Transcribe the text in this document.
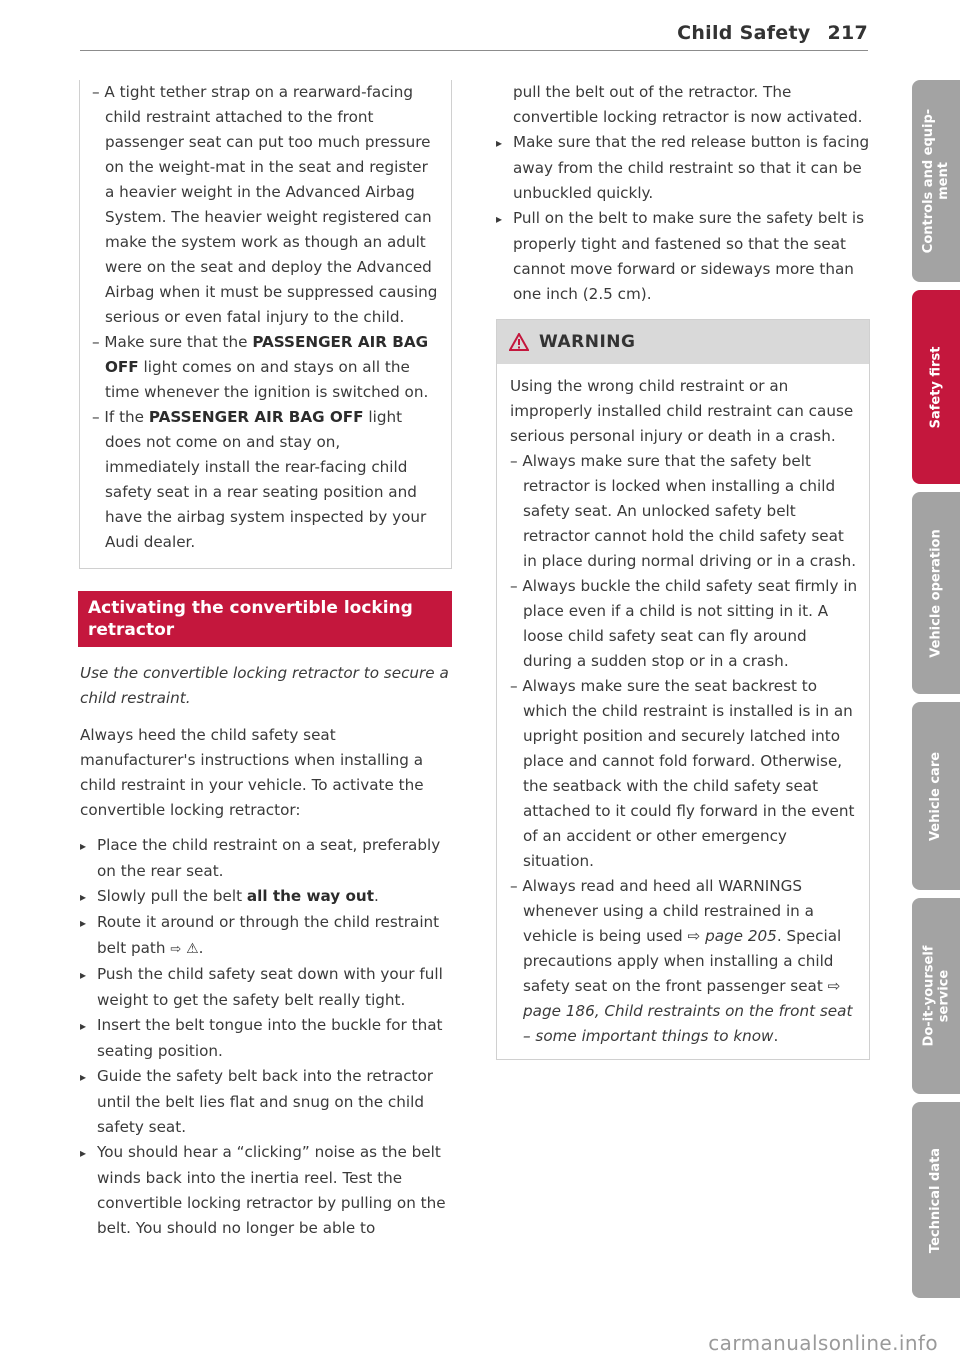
Child Safety 217
– A tight tether strap on a rearward-facing child restraint attached to the front passenger seat can put too much pressure on the weight-mat in the seat and register a heavier weight in the Advanced Airbag System. The heavier weight registered can make the system work as though an adult were on the seat and deploy the Advanced Airbag when it must be suppressed causing serious or even fatal injury to the child.
– Make sure that the PASSENGER AIR BAG OFF light comes on and stays on all the time whenever the ignition is switched on.
– If the PASSENGER AIR BAG OFF light does not come on and stay on, immediately install the rear-facing child safety seat in a rear seating position and have the airbag system inspected by your Audi dealer.
Activating the convertible locking retractor
Use the convertible locking retractor to secure a child restraint.

Always heed the child safety seat manufacturer's instructions when installing a child restraint in your vehicle. To activate the convertible locking retractor:

▸ Place the child restraint on a seat, preferably on the rear seat.
▸ Slowly pull the belt all the way out.
▸ Route it around or through the child restraint belt path ⇨ ⚠.
▸ Push the child safety seat down with your full weight to get the safety belt really tight.
▸ Insert the belt tongue into the buckle for that seating position.
▸ Guide the safety belt back into the retractor until the belt lies flat and snug on the child safety seat.
▸ You should hear a “clicking” noise as the belt winds back into the inertia reel. Test the convertible locking retractor by pulling on the belt. You should no longer be able to
pull the belt out of the retractor. The convertible locking retractor is now activated.
▸ Make sure that the red release button is facing away from the child restraint so that it can be unbuckled quickly.
▸ Pull on the belt to make sure the safety belt is properly tight and fastened so that the seat cannot move forward or sideways more than one inch (2.5 cm).
WARNING
Using the wrong child restraint or an improperly installed child restraint can cause serious personal injury or death in a crash.
– Always make sure that the safety belt retractor is locked when installing a child safety seat. An unlocked safety belt retractor cannot hold the child safety seat in place during normal driving or in a crash.
– Always buckle the child safety seat firmly in place even if a child is not sitting in it. A loose child safety seat can fly around during a sudden stop or in a crash.
– Always make sure the seat backrest to which the child restraint is installed is in an upright position and securely latched into place and cannot fold forward. Otherwise, the seatback with the child safety seat attached to it could fly forward in the event of an accident or other emergency situation.
– Always read and heed all WARNINGS whenever using a child restrained in a vehicle is being used ⇨ page 205. Special precautions apply when installing a child safety seat on the front passenger seat ⇨ page 186, Child restraints on the front seat – some important things to know.
Controls and equip-
ment
Safety first
Vehicle operation
Vehicle care
Do-it-yourself
service
Technical data
carmanualsonline.info
